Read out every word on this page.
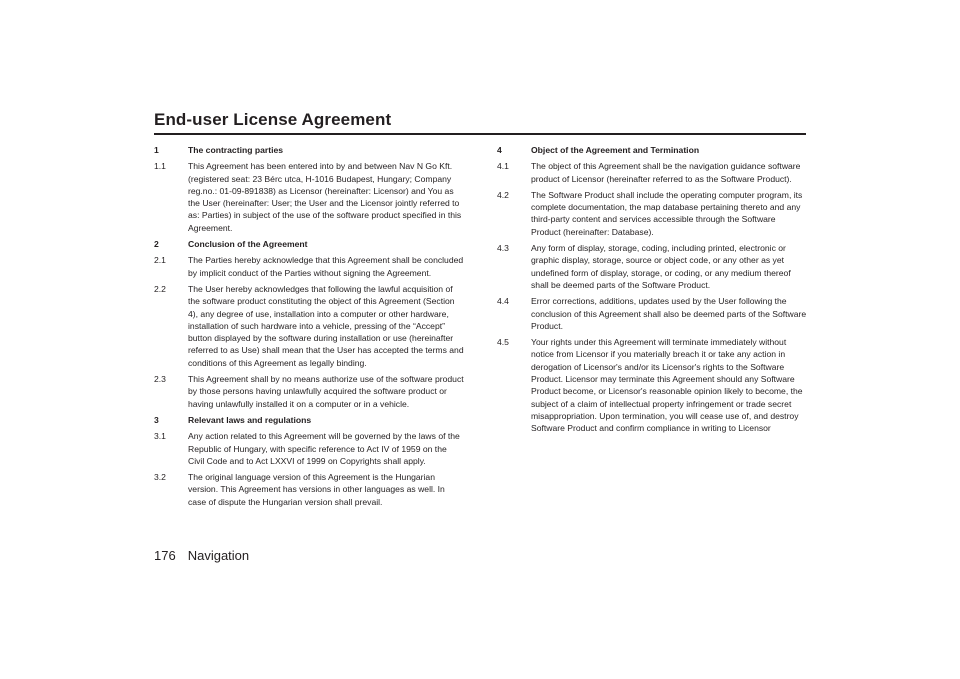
End-user License Agreement
1	The contracting parties
1.1	This Agreement has been entered into by and between Nav N Go Kft. (registered seat: 23 Bérc utca, H-1016 Budapest, Hungary; Company reg.no.: 01-09-891838) as Licensor (hereinafter: Licensor) and You as the User (hereinafter: User; the User and the Licensor jointly referred to as: Parties) in subject of the use of the software product specified in this Agreement.
2	Conclusion of the Agreement
2.1	The Parties hereby acknowledge that this Agreement shall be concluded by implicit conduct of the Parties without signing the Agreement.
2.2	The User hereby acknowledges that following the lawful acquisition of the software product constituting the object of this Agreement (Section 4), any degree of use, installation into a computer or other hardware, installation of such hardware into a vehicle, pressing of the “Accept” button displayed by the software during installation or use (hereinafter referred to as Use) shall mean that the User has accepted the terms and conditions of this Agreement as legally binding.
2.3	This Agreement shall by no means authorize use of the software product by those persons having unlawfully acquired the software product or having unlawfully installed it on a computer or in a vehicle.
3	Relevant laws and regulations
3.1	Any action related to this Agreement will be governed by the laws of the Republic of Hungary, with specific reference to Act IV of 1959 on the Civil Code and to Act LXXVI of 1999 on Copyrights shall apply.
3.2	The original language version of this Agreement is the Hungarian version. This Agreement has versions in other languages as well. In case of dispute the Hungarian version shall prevail.
4	Object of the Agreement and Termination
4.1	The object of this Agreement shall be the navigation guidance software product of Licensor (hereinafter referred to as the Software Product).
4.2	The Software Product shall include the operating computer program, its complete documentation, the map database pertaining thereto and any third-party content and services accessible through the Software Product (hereinafter: Database).
4.3	Any form of display, storage, coding, including printed, electronic or graphic display, storage, source or object code, or any other as yet undefined form of display, storage, or coding, or any medium thereof shall be deemed parts of the Software Product.
4.4	Error corrections, additions, updates used by the User following the conclusion of this Agreement shall also be deemed parts of the Software Product.
4.5	Your rights under this Agreement will terminate immediately without notice from Licensor if you materially breach it or take any action in derogation of Licensor's and/or its Licensor's rights to the Software Product. Licensor may terminate this Agreement should any Software Product become, or Licensor's reasonable opinion likely to become, the subject of a claim of intellectual property infringement or trade secret misappropriation. Upon termination, you will cease use of, and destroy Software Product and confirm compliance in writing to Licensor
176 Navigation
